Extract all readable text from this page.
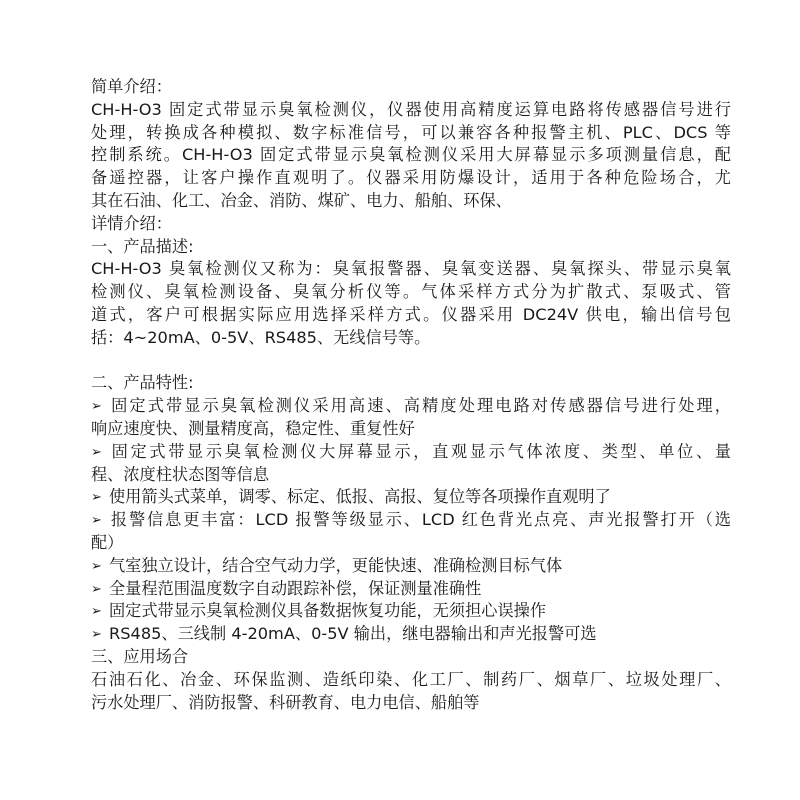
简单介绍：
CH-H-O3 固定式带显示臭氧检测仪，仪器使用高精度运算电路将传感器信号进行
处理，转换成各种模拟、数字标准信号，可以兼容各种报警主机、PLC、DCS 等
控制系统。CH-H-O3 固定式带显示臭氧检测仪采用大屏幕显示多项测量信息，配
备遥控器，让客户操作直观明了。仪器采用防爆设计，适用于各种危险场合，尤
其在石油、化工、冶金、消防、煤矿、电力、船舶、环保、
详情介绍：
一、产品描述:
CH-H-O3 臭氧检测仪又称为：臭氧报警器、臭氧变送器、臭氧探头、带显示臭氧
检测仪、臭氧检测设备、臭氧分析仪等。气体采样方式分为扩散式、泵吸式、管
道式，客户可根据实际应用选择采样方式。仪器采用 DC24V 供电，输出信号包
括：4~20mA、0-5V、RS485、无线信号等。
二、产品特性:
➢ 固定式带显示臭氧检测仪采用高速、高精度处理电路对传感器信号进行处理，
响应速度快、测量精度高，稳定性、重复性好
➢ 固定式带显示臭氧检测仪大屏幕显示，直观显示气体浓度、类型、单位、量
程、浓度柱状态图等信息
➢ 使用箭头式菜单，调零、标定、低报、高报、复位等各项操作直观明了
➢ 报警信息更丰富：LCD 报警等级显示、LCD 红色背光点亮、声光报警打开（选
配）
➢ 气室独立设计，结合空气动力学，更能快速、准确检测目标气体
➢ 全量程范围温度数字自动跟踪补偿，保证测量准确性
➢ 固定式带显示臭氧检测仪具备数据恢复功能，无须担心误操作
➢ RS485、三线制 4-20mA、0-5V 输出，继电器输出和声光报警可选
三、应用场合
石油石化、冶金、环保监测、造纸印染、化工厂、制药厂、烟草厂、垃圾处理厂、
污水处理厂、消防报警、科研教育、电力电信、船舶等
